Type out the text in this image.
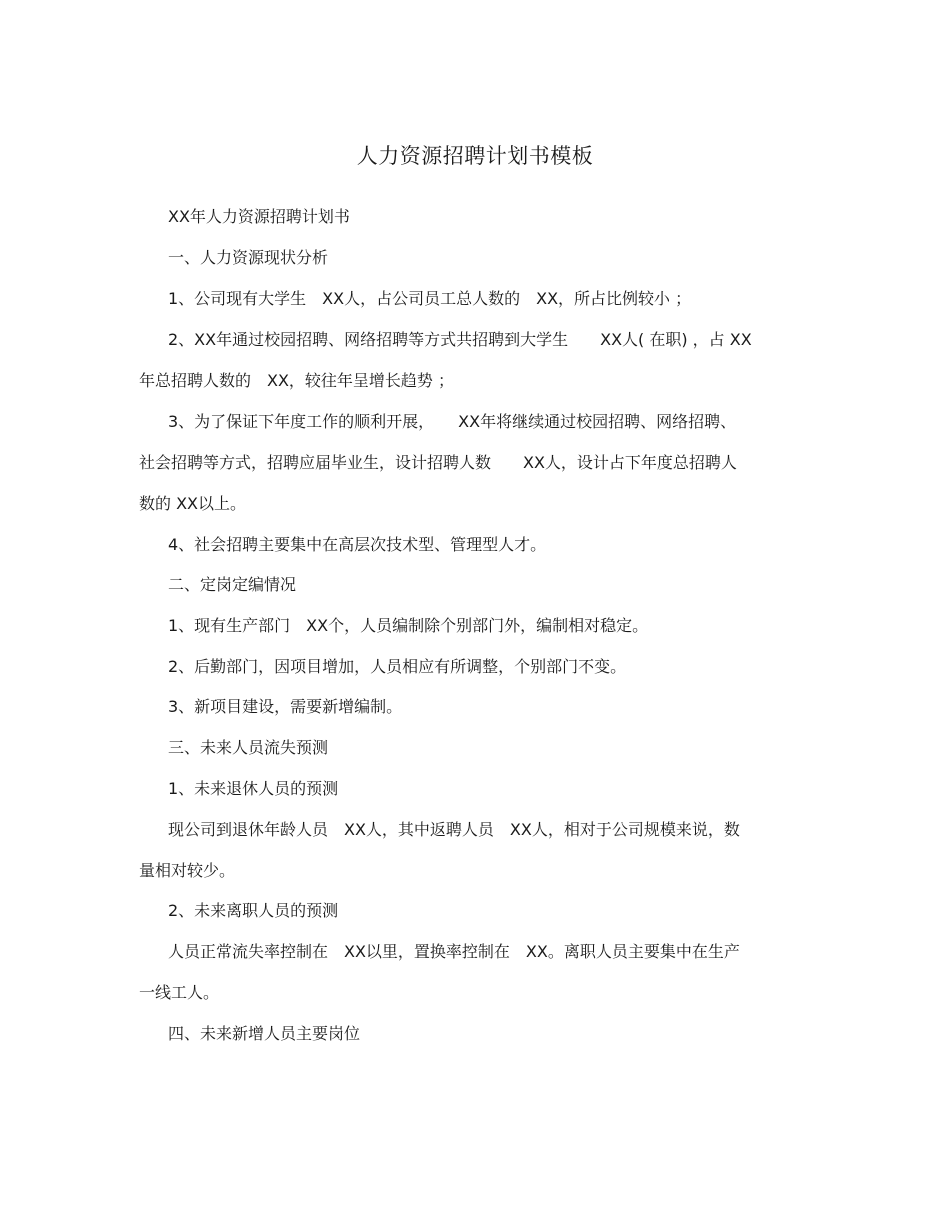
人力资源招聘计划书模板
XX年人力资源招聘计划书
一、人力资源现状分析
1、公司现有大学生　XX人，占公司员工总人数的　XX，所占比例较小 ；
2、XX年通过校园招聘、网络招聘等方式共招聘到大学生　　XX人( 在职) ，占 XX
年总招聘人数的　XX，较往年呈增长趋势 ；
3、为了保证下年度工作的顺利开展，　　XX年将继续通过校园招聘、网络招聘、
社会招聘等方式，招聘应届毕业生，设计招聘人数　　XX人，设计占下年度总招聘人
数的 XX以上。
4、社会招聘主要集中在高层次技术型、管理型人才。
二、定岗定编情况
1、现有生产部门　XX个，人员编制除个别部门外，编制相对稳定。
2、后勤部门，因项目增加，人员相应有所调整，个别部门不变。
3、新项目建设，需要新增编制。
三、未来人员流失预测
1、未来退休人员的预测
现公司到退休年龄人员　XX人，其中返聘人员　XX人，相对于公司规模来说，数
量相对较少。
2、未来离职人员的预测
人员正常流失率控制在　XX以里，置换率控制在　XX。离职人员主要集中在生产
一线工人。
四、未来新增人员主要岗位
